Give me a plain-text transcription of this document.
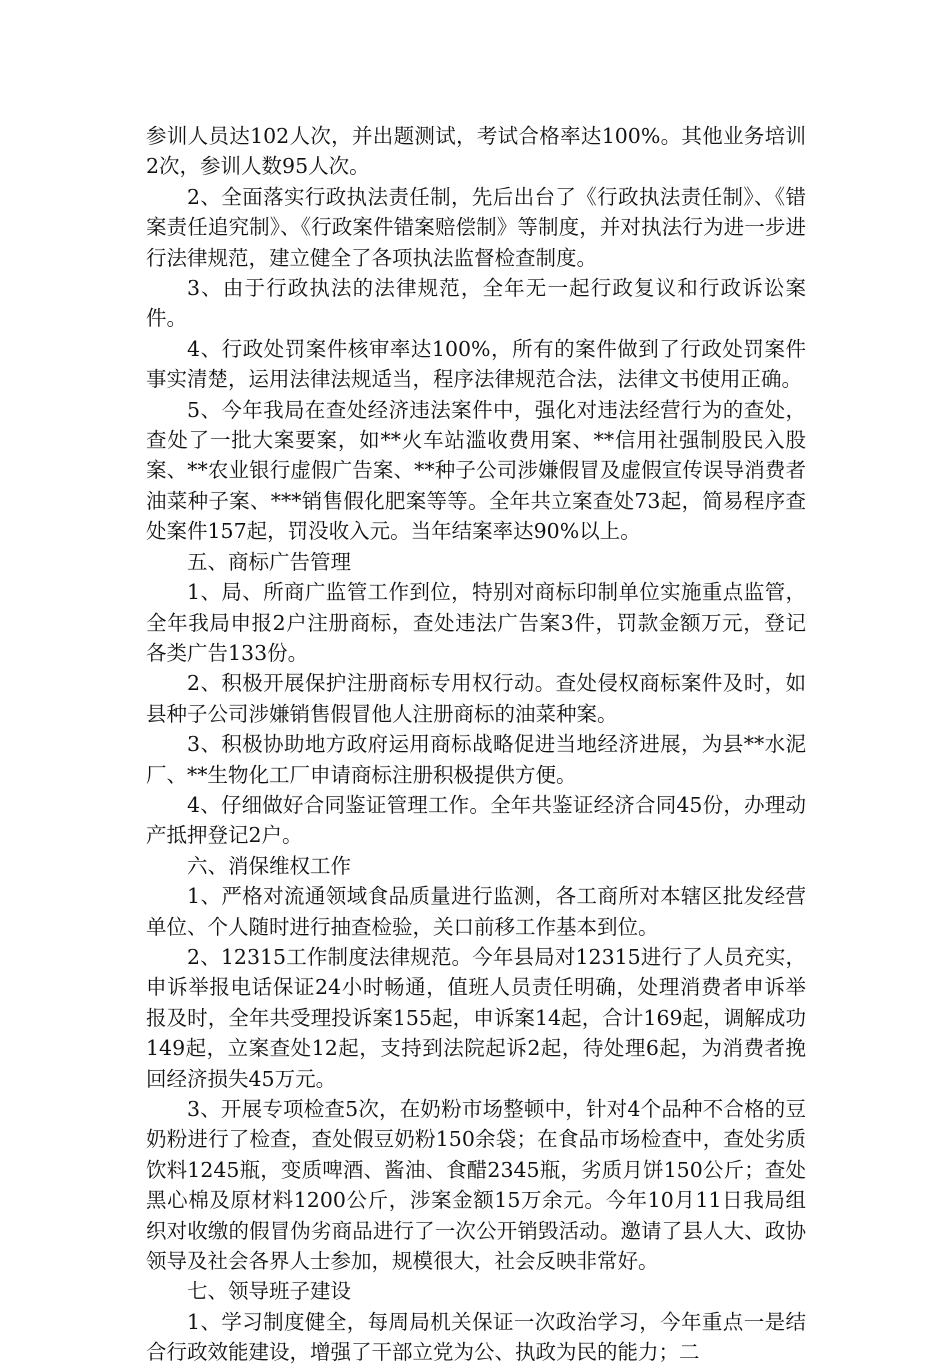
参训人员达102人次，并出题测试，考试合格率达100%。其他业务培训2次，参训人数95人次。

2、全面落实行政执法责任制，先后出台了《行政执法责任制》、《错案责任追究制》、《行政案件错案赔偿制》等制度，并对执法行为进一步进行法律规范，建立健全了各项执法监督检查制度。

3、由于行政执法的法律规范，全年无一起行政复议和行政诉讼案件。

4、行政处罚案件核审率达100%，所有的案件做到了行政处罚案件事实清楚，运用法律法规适当，程序法律规范合法，法律文书使用正确。

5、今年我局在查处经济违法案件中，强化对违法经营行为的查处，查处了一批大案要案，如**火车站滥收费用案、**信用社强制股民入股案、**农业银行虚假广告案、**种子公司涉嫌假冒及虚假宣传误导消费者油菜种子案、***销售假化肥案等等。全年共立案查处73起，简易程序查处案件157起，罚没收入元。当年结案率达90%以上。

五、商标广告管理

1、局、所商广监管工作到位，特别对商标印制单位实施重点监管，全年我局申报2户注册商标，查处违法广告案3件，罚款金额万元，登记各类广告133份。

2、积极开展保护注册商标专用权行动。查处侵权商标案件及时，如县种子公司涉嫌销售假冒他人注册商标的油菜种案。

3、积极协助地方政府运用商标战略促进当地经济进展，为县**水泥厂、**生物化工厂申请商标注册积极提供方便。

4、仔细做好合同鉴证管理工作。全年共鉴证经济合同45份，办理动产抵押登记2户。

六、消保维权工作

1、严格对流通领域食品质量进行监测，各工商所对本辖区批发经营单位、个人随时进行抽查检验，关口前移工作基本到位。

2、12315工作制度法律规范。今年县局对12315进行了人员充实，申诉举报电话保证24小时畅通，值班人员责任明确，处理消费者申诉举报及时，全年共受理投诉案155起，申诉案14起，合计169起，调解成功149起，立案查处12起，支持到法院起诉2起，待处理6起，为消费者挽回经济损失45万元。

3、开展专项检查5次，在奶粉市场整顿中，针对4个品种不合格的豆奶粉进行了检查，查处假豆奶粉150余袋；在食品市场检查中，查处劣质饮料1245瓶，变质啤酒、酱油、食醋2345瓶，劣质月饼150公斤；查处黑心棉及原材料1200公斤，涉案金额15万余元。今年10月11日我局组织对收缴的假冒伪劣商品进行了一次公开销毁活动。邀请了县人大、政协领导及社会各界人士参加，规模很大，社会反映非常好。

七、领导班子建设

1、学习制度健全，每周局机关保证一次政治学习，今年重点一是结合行政效能建设，增强了干部立党为公、执政为民的能力；二
